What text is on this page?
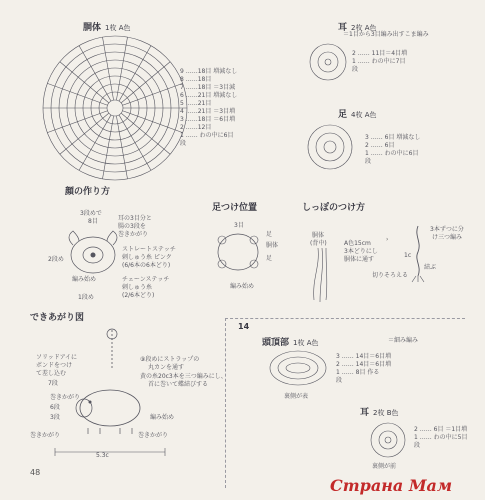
胴体 1枚 A色
9 ……18目 増減なし
8 ……18目
7 ……18目 ＝3目減
6 ……21目 増減なし
5 ……21目
4 ……21目 ＝3目増
3 ……18目 ＝6目増
2 ……12目
1 …… わの中に6目
段
耳 2枚 A色
＝1目から3目編み出すこま編み
2 …… 11目＝4目増
1 …… わの中に7目
段
足 4枚 A色
3 …… 6目 増減なし
2 …… 6目
1 …… わの中に6目
段
顔の作り方
3段めで
8目	耳の3目分と
腸の3段を
巻きかがり
2段め
ストレートステッチ
刺しゅう糸 ピンク
(6/6本の6本どり)
編み始め	チェーンステッチ
刺しゅう糸
(2/6本どり)
1段め
足つけ位置
3目
足
胴体
足
編み始め
しっぽのつけ方
胴体
(背中)	A色15cm
3本どりにし
胴体に通す
›
3本ずつに分
け三つ編み
1c
結ぶ
切りそろえる
できあがり図
ソリッドアイに
ボンドをつけ
て差し込む
⑨段めにストラップの
丸カンを通す
黄の糸20c3本を三つ編みにし、
首に巻いて蝶結びする
7段
巻きかがり
6段
3段	編み始め
巻きかがり	巻きかがり
5.3c
14
頭頂部 1枚 A色	＝細み編み
3 …… 14目＝6目増
2 …… 14目＝6目増
1 …… 8目 作る
段
裏側が表
耳 2枚 B色
2 …… 6目 ＝1目増
1 …… わの中に5目
段
裏側が前
48
Страна Мам
